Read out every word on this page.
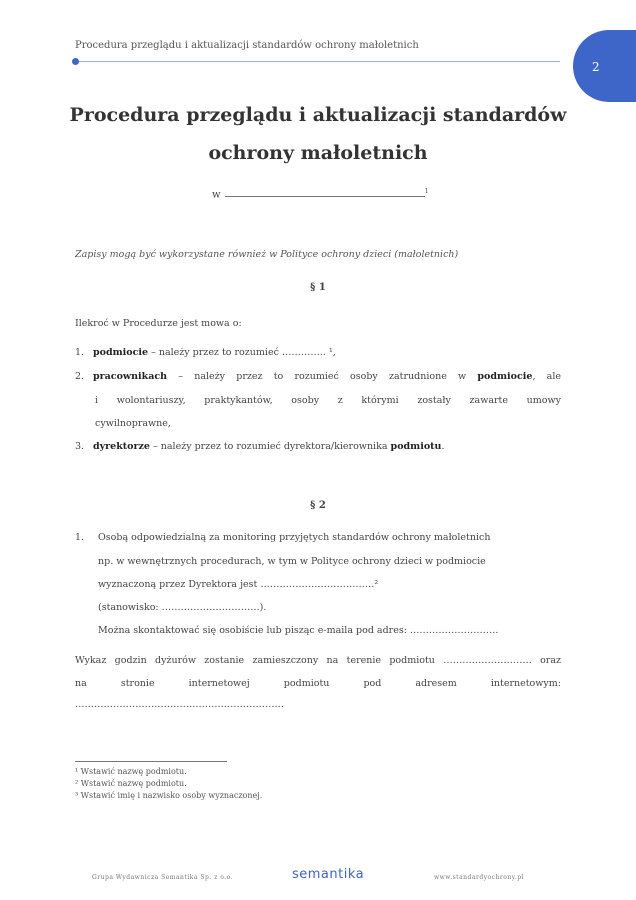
Procedura przeglądu i aktualizacji standardów ochrony małoletnich
2
Procedura przeglądu i aktualizacji standardów
ochrony małoletnich
w	$^1$
Zapisy mogą być wykorzystane również w Polityce ochrony dzieci (małoletnich)
§ 1
Ilekroć w Procedurze jest mowa o:
1. podmiocie – należy przez to rozumieć ………….. ¹,
2. pracownikach – należy przez to rozumieć osoby zatrudnione w podmiocie, ale
i wolontariuszy, praktykantów, osoby z którymi zostały zawarte umowy
cywilnoprawne,
3. dyrektorze – należy przez to rozumieć dyrektora/kierownika podmiotu.
§ 2
1. Osobą odpowiedzialną za monitoring przyjętych standardów ochrony małoletnich
np. w wewnętrznych procedurach, w tym w Polityce ochrony dzieci w podmiocie
wyznaczoną przez Dyrektora jest ………………………………²
(stanowisko: ………………………….).
Można skontaktować się osobiście lub pisząc e-maila pod adres: ……………………….
Wykaz godzin dyżurów zostanie zamieszczony na terenie podmiotu ………………………. oraz
na stronie internetowej podmiotu pod adresem internetowym:
…………………………………………………………
¹ Wstawić nazwę podmiotu.
² Wstawić nazwę podmiotu.
³ Wstawić imię i nazwisko osoby wyznaczonej.
Grupa Wydawnicza Semantika Sp. z o.o.	semantika	www.standardyochrony.pl
